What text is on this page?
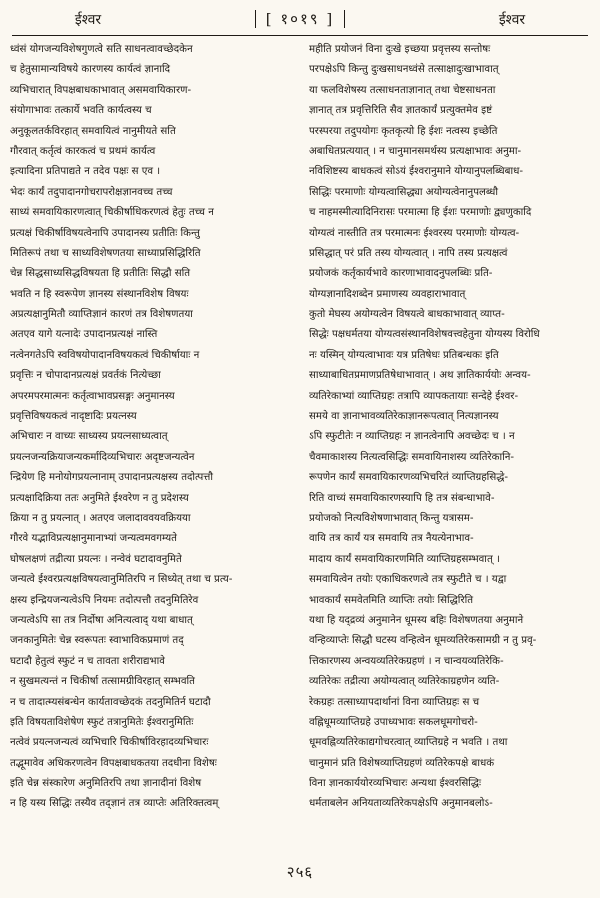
ईश्वर	[ १०१९ ]	ईश्वर

ध्वंसं योगजन्यविशेषगुणत्वे सति साधनत्वावच्छेदकेन

च हेतुसामान्यविषये कारणस्य कार्यत्वं ज्ञानादि

व्यभिचारात् विपक्षबाधकाभावात् असमवायिकारण-

संयोगाभावः तत्कार्ये भवति कार्यत्वस्य च

अनुकूलतर्कविरहात् समवायित्वं नानुमीयते सति

गौरवात् कर्तृत्वं कारकत्वं च प्रथमं कार्यत्व

इत्यादिना प्रतिपाद्यते न तदेव पक्षः स एव ।

भेदः कार्यं तदुपादानगोचरापरोक्षज्ञानवच्च तच्च

साध्यं समवायिकारणत्वात् चिकीर्षाधिकरणत्वं हेतुः तच्च न

प्रत्यक्षं चिकीर्षाविषयत्वेनापि उपादानस्य प्रतीतिः किन्तु

मितिरूपं तथा च साध्यविशेषणतया साध्याप्रसिद्धिरिति

चेन्न सिद्धसाध्यसिद्धविषयता हि प्रतीतिः सिद्धौ सति

भवति न हि स्वरूपेण ज्ञानस्य संस्थानविशेष विषयः

अप्रत्यक्षानुमितौ व्याप्तिज्ञानं कारणं तत्र विशेषणतया

अतएव यागे यत्नादेः उपादानप्रत्यक्षं नास्ति

नत्वेनगतेऽपि स्वविषयोपादानविषयकत्वं चिकीर्षायाः न

प्रवृत्तिः न चोपादानप्रत्यक्षं प्रवर्तकं नित्येच्छा

अपरमपरमात्मनः कर्तृत्वाभावप्रसङ्गः अनुमानस्य

प्रवृत्तिविषयकत्वं नादृष्टादिः प्रयत्नस्य

अभिचारः न वाच्यः साध्यस्य प्रयत्नसाध्यत्वात्

प्रयत्नजन्यक्रियाजन्यकर्मादिव्यभिचारः अदृष्टजन्यत्वेन

न्द्रियेण हि मनोयोगप्रयत्नानाम् उपादानप्रत्यक्षस्य तदोत्पत्तौ

प्रत्यक्षादिक्रिया ततः अनुमिते ईश्वरेण न तु प्रदेशस्य

क्रिया न तु प्रयत्नात् । अतएव जलादाववयवक्रियया

गौरवे यद्भाविप्रत्यक्षानुमानाभ्यां जन्यत्वमवगम्यते

घोषलक्षणं तद्रीत्या प्रयत्नः । नन्वेवं घटादावनुमिते

जन्यत्वे ईश्वरप्रत्यक्षविषयत्वानुमितिरपि न सिध्येत् तथा च प्रत्य-

क्षस्य इन्द्रियजन्यत्वेऽपि नियमः तदोत्पत्तौ तदनुमितिरेव

जन्यत्वेऽपि सा तत्र निर्दोषा अनित्यत्वाद् यथा बाधात्

जनकानुमितेः चेन्न स्वरूपतः स्वाभाविकप्रमाणं तद्

घटादौ हेतुत्वं स्फुटं न च तावता शरीराद्यभावे

न सुखमत्यन्तं न चिकीर्षा तत्सामग्रीविरहात् सम्भवति

न च तादात्म्यसंबन्धेन कार्यतावच्छेदकं तदनुमितिर्न घटादौ

इति विषयताविशेषेण स्फुटं तत्रानुमितेः ईश्वरानुमितिः

नत्वेवं प्रयत्नजन्यत्वं व्यभिचारि चिकीर्षाविरहादव्यभिचारः

तद्भूमावेव अधिकरणत्वेन विपक्षबाधकतया तदधीना विशेषः

इति चेन्न संस्कारेण अनुमितिरपि तथा ज्ञानादीनां विशेष

न हि यस्य सिद्धिः तस्यैव तद्ज्ञानं तत्र व्याप्तेः अतिरिक्तत्वम्

महीति प्रयोजनं विना दुःखे इच्छया प्रवृत्तस्य सन्तोषः

परपक्षेऽपि किन्तु दुःखसाधनध्वंसे तत्साक्षादुःखाभावात्

या फलविशेषस्य तत्साधनताज्ञानात् तथा चेष्टसाधनता

ज्ञानात् तत्र प्रवृत्तिरिति सैव ज्ञातकार्यं प्रत्युक्तमेव इष्टं

परस्परया तदुपयोगः कृतकृत्यो हि ईशः नत्वस्य इच्छेति

अबाधितप्रत्ययात् । न चानुमानसमर्थस्य प्रत्यक्षाभावः अनुमा-

नविशिष्टस्य बाधकत्वं सोऽयं ईश्वरानुमाने योग्यानुपलब्धिबाध-

सिद्धिः परमाणोः योग्यत्वासिद्ध्या अयोग्यत्वेनानुपलब्धौ

च नाहमस्मीत्यादिनिरासः परमात्मा हि ईशः परमाणोः द्व्यणुकादि

योग्यत्वं नास्तीति तत्र परमात्मनः ईश्वरस्य परमाणोः योग्यत्व-

प्रसिद्धात् परं प्रति तस्य योग्यत्वात् । नापि तस्य प्रत्यक्षत्वं

प्रयोजकं कर्तृकार्यभावे कारणाभावादनुपलब्धिः प्रति-

योग्यज्ञानादिशब्देन प्रमाणस्य व्यवहाराभावात्

कुतो मेघस्य अयोग्यत्वेन विषयत्वे बाधकाभावात् व्याप्त-

सिद्धेः पक्षधर्मतया योग्यत्वसंस्थानविशेषवत्त्वहेतुना योग्यस्य विरोधि

नः यस्मिन् योग्यत्वाभावः यत्र प्रतिषेधः प्रतिबन्धकः इति

साध्याबाधितप्रमाणप्रतिषेधाभावात् । अथ ज्ञातिकार्ययोः अन्वय-

व्यतिरेकाभ्यां व्याप्तिग्रहः तत्रापि व्यापकतायाः सन्देहे ईश्वर-

समये वा ज्ञानाभावव्यतिरेकाज्ञानरूपत्वात् नित्यज्ञानस्य

ऽपि स्फुटीतेः न व्याप्तिग्रहः न ज्ञानत्वेनापि अवच्छेदः च । न

चैवमाकाशस्य नित्यत्वसिद्धिः समवायिनाशस्य व्यतिरेकानि-

रूपणेन कार्यं समवायिकारणव्यभिचरितं व्याप्तिग्रहसिद्धे-

रिति वाच्यं समवायिकारणस्यापि हि तत्र संबन्धाभावे-

प्रयोजको नित्यविशेषणाभावात् किन्तु यत्रासम-

वायि तत्र कार्यं यत्र समवायि तत्र नैयत्येनाभाव-

मादाय कार्यं समवायिकारणमिति व्याप्तिग्रहसम्भवात् ।

समवायित्वेन तयोः एकाधिकरणत्वे तत्र स्फुटीते च । यद्वा

भावकार्यं समवेतमिति व्याप्तिः तयोः सिद्धिरिति

यथा हि यद्द्रव्यं अनुमानेन धूमस्य बहिः विशेषणतया अनुमाने

वन्हिव्याप्तेः सिद्धौ घटस्य वन्हित्वेन धूमव्यतिरेकसामग्री न तु प्रवृ-

त्तिकारणस्य अन्वयव्यतिरेकग्रहणं । न चान्वयव्यतिरेकि-

व्यतिरेकः तद्रीत्या अयोग्यत्वात् व्यतिरेकाग्रहणेन व्यति-

रेकग्रहः तत्साध्यापदार्थानां विना व्याप्तिग्रहः स च

वह्निधूमव्याप्तिग्रहे उपाध्यभावः सकलधूमगोचरो-

धूमवह्निव्यतिरेकाद्यगोचरत्वात् व्याप्तिग्रहे न भवति । तथा

चानुमानं प्रति विशेषव्याप्तिग्रहणं व्यतिरेकपक्षे बाधकं

विना ज्ञानकार्ययोरव्यभिचारः अन्यथा ईश्वरसिद्धिः

धर्मताबलेन अनियताव्यतिरेकपक्षेऽपि अनुमानबलोऽ-

२५६
